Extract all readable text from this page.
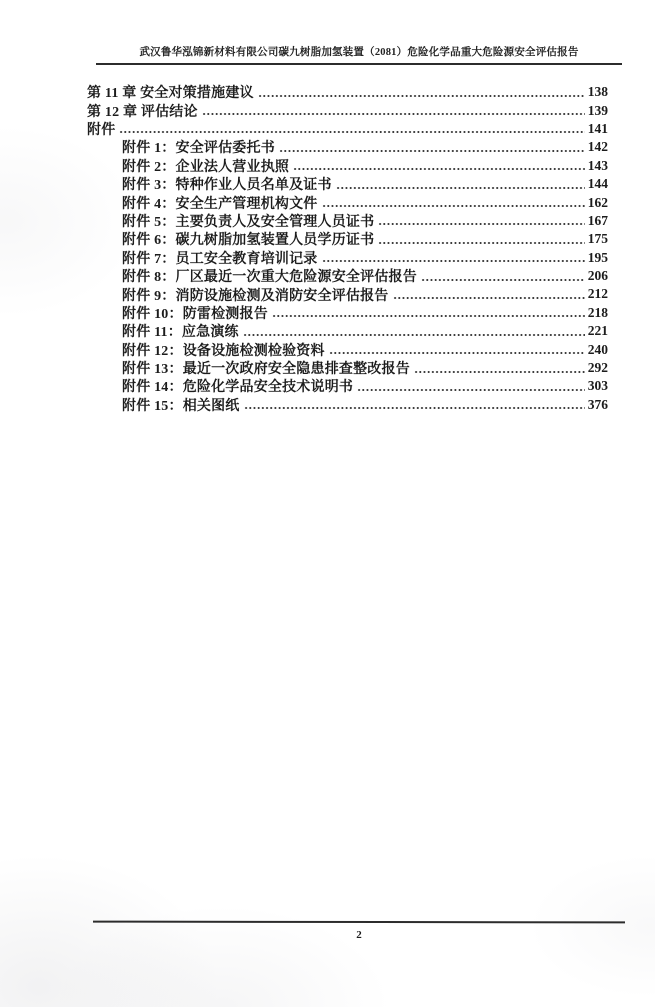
武汉鲁华泓锦新材料有限公司碳九树脂加氢装置（2081）危险化学品重大危险源安全评估报告
第 11 章 安全对策措施建议	138
第 12 章 评估结论	139
附件	141
附件 1：安全评估委托书	142
附件 2：企业法人营业执照	143
附件 3：特种作业人员名单及证书	144
附件 4：安全生产管理机构文件	162
附件 5：主要负责人及安全管理人员证书	167
附件 6：碳九树脂加氢装置人员学历证书	175
附件 7：员工安全教育培训记录	195
附件 8：厂区最近一次重大危险源安全评估报告	206
附件 9：消防设施检测及消防安全评估报告	212
附件 10：防雷检测报告	218
附件 11：应急演练	221
附件 12：设备设施检测检验资料	240
附件 13：最近一次政府安全隐患排查整改报告	292
附件 14：危险化学品安全技术说明书	303
附件 15：相关图纸	376
2
